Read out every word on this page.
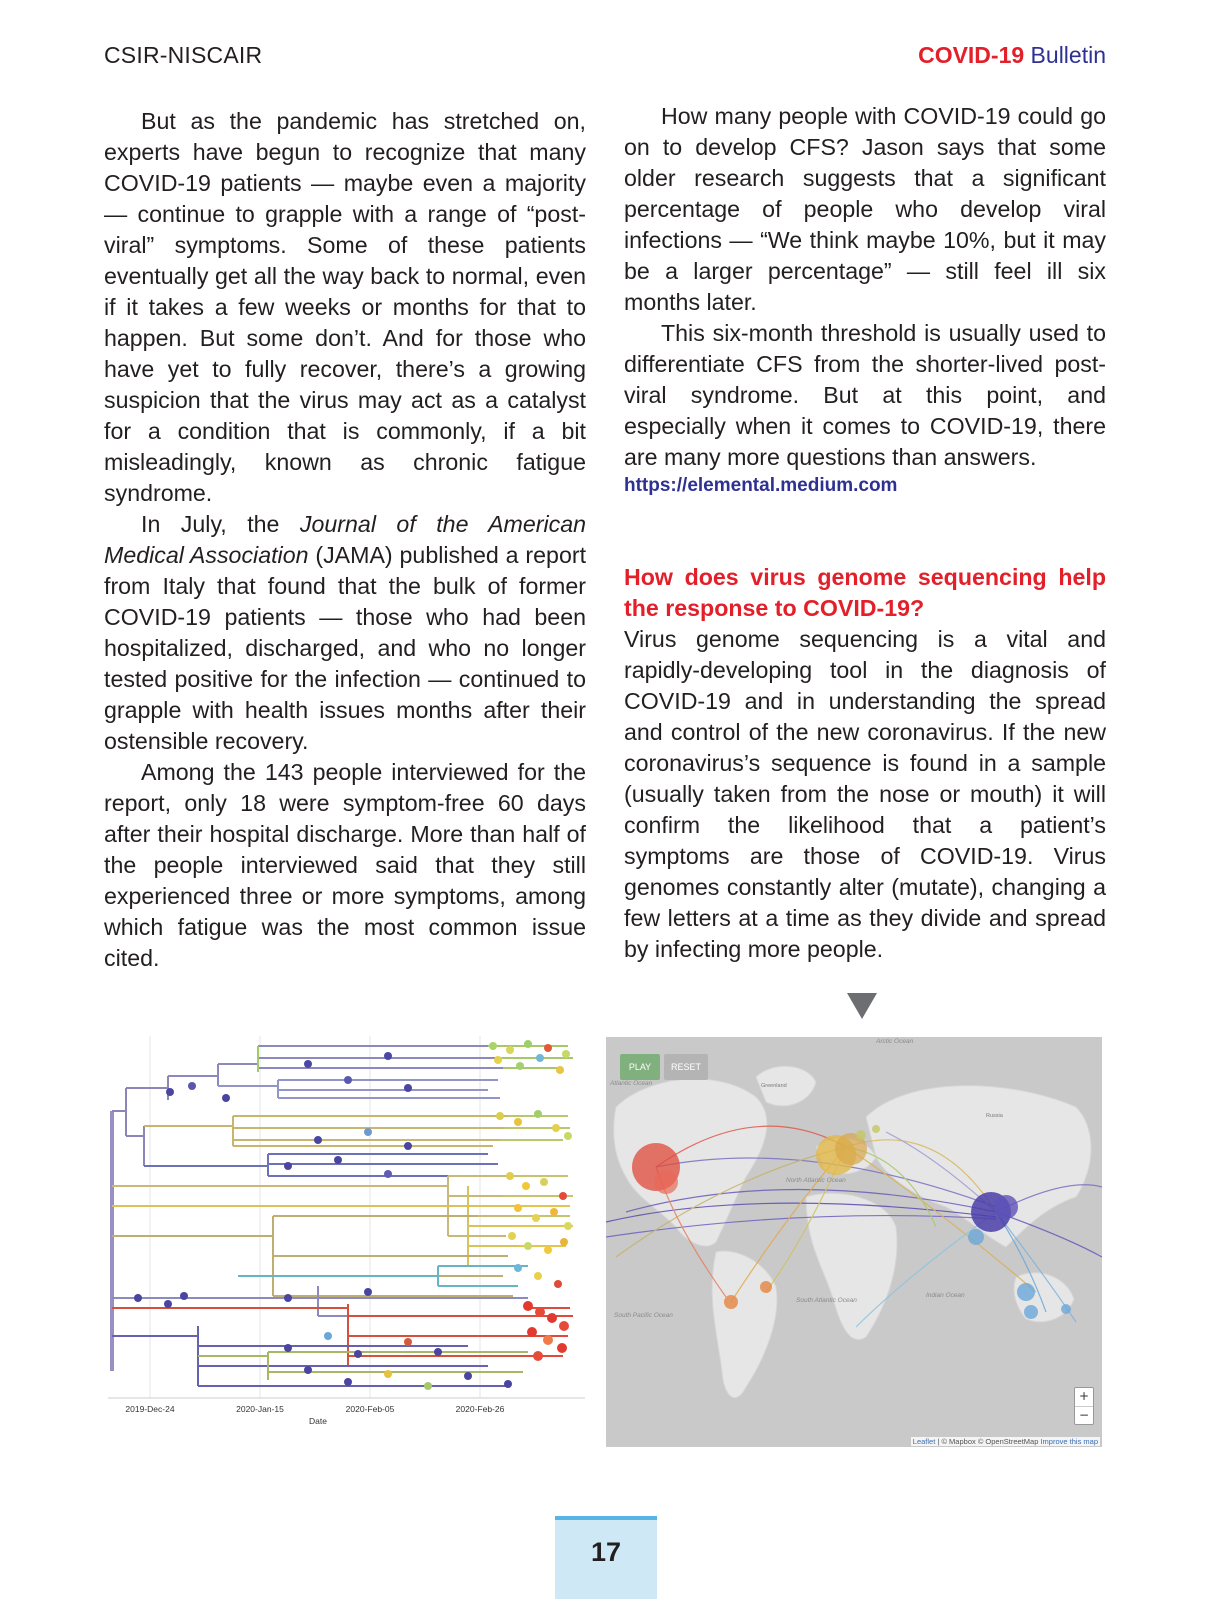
CSIR-NISCAIR	COVID-19 Bulletin

But as the pandemic has stretched on, experts have begun to recognize that many COVID-19 patients — maybe even a majority — continue to grapple with a range of “post-viral” symptoms. Some of these patients eventually get all the way back to normal, even if it takes a few weeks or months for that to happen. But some don’t. And for those who have yet to fully recover, there’s a growing suspicion that the virus may act as a catalyst for a condition that is commonly, if a bit misleadingly, known as chronic fatigue syndrome.

In July, the Journal of the American Medical Association (JAMA) published a report from Italy that found that the bulk of former COVID-19 patients — those who had been hospitalized, discharged, and who no longer tested positive for the infection — continued to grapple with health issues months after their ostensible recovery.

Among the 143 people interviewed for the report, only 18 were symptom-free 60 days after their hospital discharge. More than half of the people interviewed said that they still experienced three or more symptoms, among which fatigue was the most common issue cited.

How many people with COVID-19 could go on to develop CFS? Jason says that some older research suggests that a significant percentage of people who develop viral infections — “We think maybe 10%, but it may be a larger percentage” — still feel ill six months later.

This six-month threshold is usually used to differentiate CFS from the shorter-lived post-viral syndrome. But at this point, and especially when it comes to COVID-19, there are many more questions than answers.

https://elemental.medium.com

How does virus genome sequencing help the response to COVID-19?

Virus genome sequencing is a vital and rapidly-developing tool in the diagnosis of COVID-19 and in understanding the spread and control of the new coronavirus. If the new coronavirus’s sequence is found in a sample (usually taken from the nose or mouth) it will confirm the likelihood that a patient’s symptoms are those of COVID-19. Virus genomes constantly alter (mutate), changing a few letters at a time as they divide and spread by infecting more people.

2019-Dec-24	2020-Jan-15	2020-Feb-05	2020-Feb-26
Date
Arctic Ocean
North Atlantic Ocean
South Atlantic Ocean
South Pacific Ocean
Indian Ocean
Atlantic Ocean	Greenland
Russia
PLAY	RESET
+
−
Leaflet | © Mapbox © OpenStreetMap Improve this map
17
